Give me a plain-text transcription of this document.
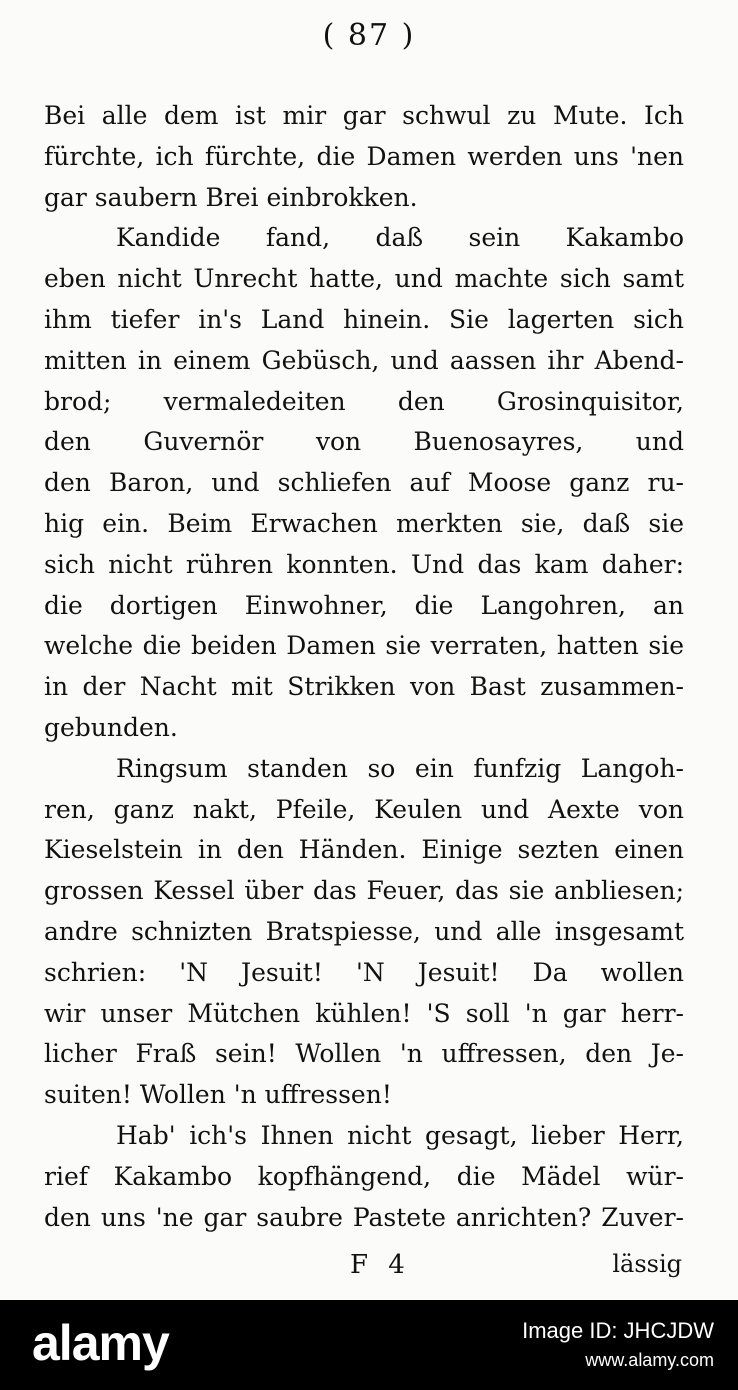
( 87 )
Bei alle dem ist mir gar schwul zu Mute. Ich
fürchte, ich fürchte, die Damen werden uns 'nen
gar saubern Brei einbrokken.
Kandide fand, daß sein Kakambo
eben nicht Unrecht hatte, und machte sich samt
ihm tiefer in's Land hinein. Sie lagerten sich
mitten in einem Gebüsch, und aassen ihr Abend-
brod; vermaledeiten den Grosinquisitor,
den Guvernör von Buenosayres, und
den Baron, und schliefen auf Moose ganz ru-
hig ein. Beim Erwachen merkten sie, daß sie
sich nicht rühren konnten. Und das kam daher:
die dortigen Einwohner, die Langohren, an
welche die beiden Damen sie verraten, hatten sie
in der Nacht mit Strikken von Bast zusammen-
gebunden.
Ringsum standen so ein funfzig Langoh-
ren, ganz nakt, Pfeile, Keulen und Aexte von
Kieselstein in den Händen. Einige sezten einen
grossen Kessel über das Feuer, das sie anbliesen;
andre schnizten Bratspiesse, und alle insgesamt
schrien: 'N Jesuit! 'N Jesuit! Da wollen
wir unser Mütchen kühlen! 'S soll 'n gar herr-
licher Fraß sein! Wollen 'n uffressen, den Je-
suiten! Wollen 'n uffressen!
Hab' ich's Ihnen nicht gesagt, lieber Herr,
rief Kakambo kopfhängend, die Mädel wür-
den uns 'ne gar saubre Pastete anrichten? Zuver-
F 4	lässig
alamy	Image ID: JHCJDW
www.alamy.com
